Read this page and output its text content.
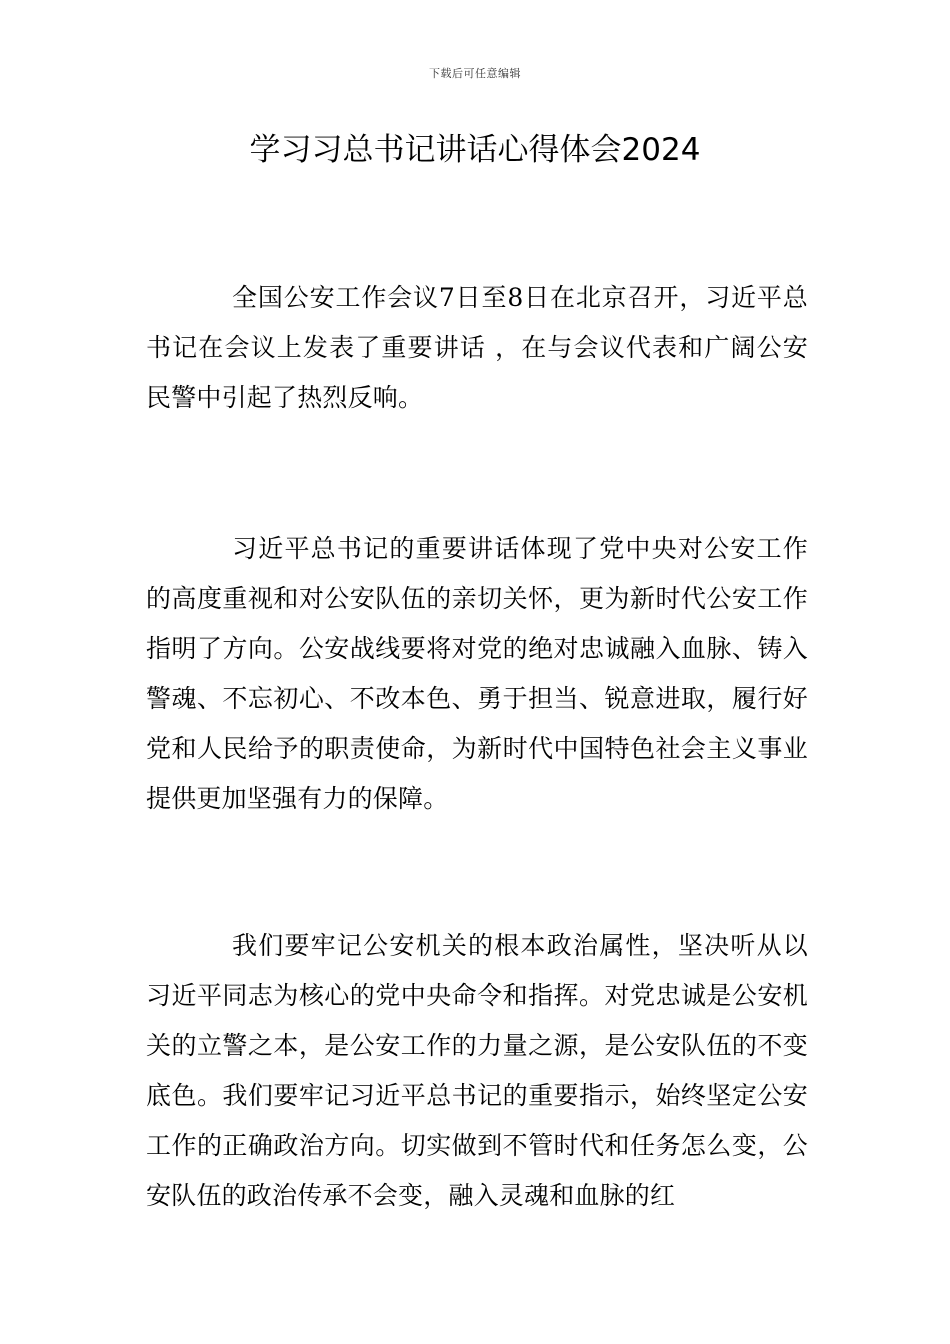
下载后可任意编辑
学习习总书记讲话心得体会2024

全国公安工作会议7日至8日在北京召开，习近平总书记在会议上发表了重要讲话 ，在与会议代表和广阔公安民警中引起了热烈反响。

习近平总书记的重要讲话体现了党中央对公安工作的高度重视和对公安队伍的亲切关怀，更为新时代公安工作指明了方向。公安战线要将对党的绝对忠诚融入血脉、铸入警魂、不忘初心、不改本色、勇于担当、锐意进取，履行好党和人民给予的职责使命，为新时代中国特色社会主义事业提供更加坚强有力的保障。

我们要牢记公安机关的根本政治属性，坚决听从以习近平同志为核心的党中央命令和指挥。对党忠诚是公安机关的立警之本，是公安工作的力量之源，是公安队伍的不变底色。我们要牢记习近平总书记的重要指示，始终坚定公安工作的正确政治方向。切实做到不管时代和任务怎么变，公安队伍的政治传承不会变，融入灵魂和血脉的红
